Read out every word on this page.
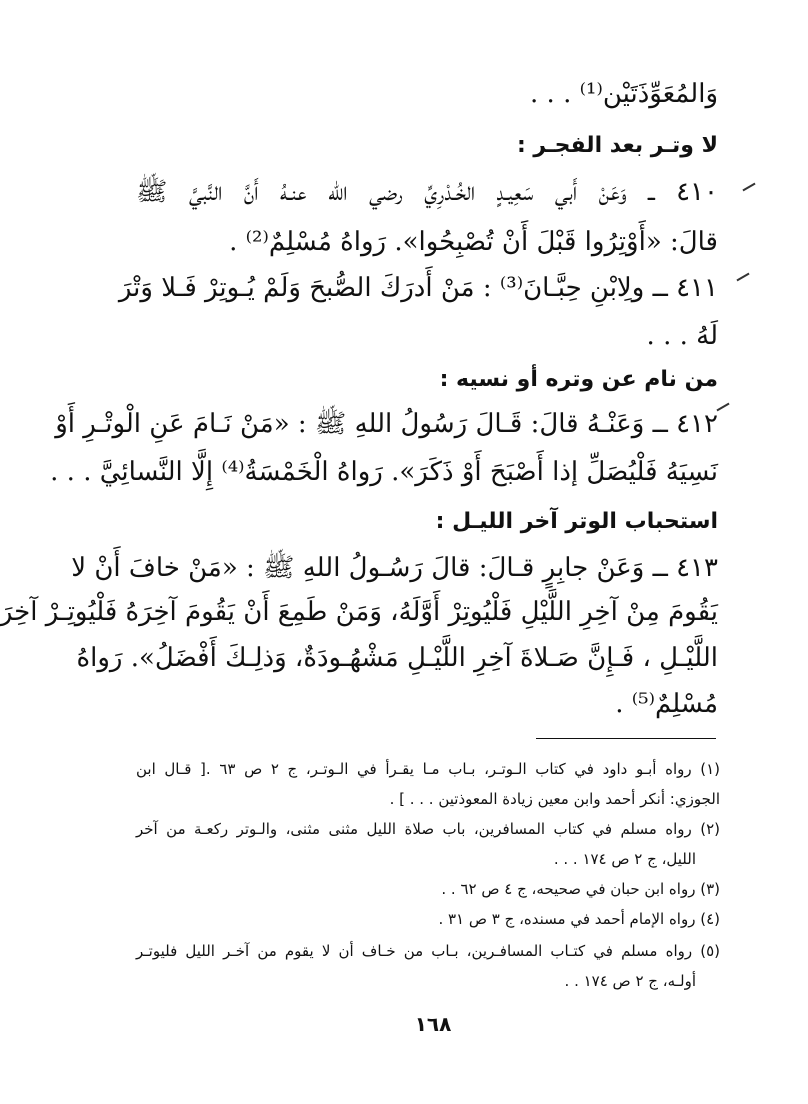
وَالمُعَوِّذَتَيْن⁽¹⁾ . . .
لا وتـر بعد الفجـر :
٤١٠ ــ وَعَنْ أَبي سَعِيـدٍ الخُـدْرِيِّ رضي الله عنـهُ أَنَّ النَّبيَّ ﷺ
قالَ: «أَوْتِرُوا قَبْلَ أَنْ تُصْبِحُوا». رَواهُ مُسْلِمٌ⁽²⁾ .
٤١١ ــ ولِابْنِ حِبَّـانَ⁽³⁾ : مَنْ أَدرَكَ الصُّبحَ وَلَمْ يُـوتِرْ فَـلا وَتْرَ
لَهُ . . .
من نام عن وتره أو نسيه :
٤١٢ ــ وَعَنْـهُ قالَ: قَـالَ رَسُولُ اللهِ ﷺ : «مَنْ نَـامَ عَنِ الْوتْـرِ أَوْ
نَسِيَهُ فَلْيُصَلِّ إذا أَصْبَحَ أَوْ ذَكَرَ». رَواهُ الْخَمْسَةُ⁽⁴⁾ إِلَّا النَّسائِيَّ . . .
استحباب الوتر آخر الليـل :
٤١٣ ــ وَعَنْ جابِرٍ قـالَ: قالَ رَسُـولُ اللهِ ﷺ : «مَنْ خافَ أَنْ لا
يَقُومَ مِنْ آخِرِ اللَّيْلِ فَلْيُوتِرْ أَوَّلَهُ، وَمَنْ طَمِعَ أَنْ يَقُومَ آخِرَهُ فَلْيُوتِـرْ آخِرَ
اللَّيْـلِ ، فَـإِنَّ صَـلاةَ آخِرِ اللَّيْـلِ مَشْهُـودَةٌ، وَذلِـكَ أَفْضَلُ». رَواهُ
مُسْلِمٌ⁽⁵⁾ .
(١) رواه أبـو داود في كتاب الـوتـر، بـاب مـا يقـرأ في الـوتـر، ج ٢ ص ٦٣ .[ قـال ابن
الجوزي: أنكر أحمد وابن معين زيادة المعوذتين . . . ] .
(٢) رواه مسلم في كتاب المسافرين، باب صلاة الليل مثنى مثنى، والـوتر ركعـة من آخر
الليل، ج ٢ ص ١٧٤ . . .
(٣) رواه ابن حبان في صحيحه، ج ٤ ص ٦٢ . .
(٤) رواه الإمام أحمد في مسنده، ج ٣ ص ٣١ .
(٥) رواه مسلم في كتـاب المسافـرين، بـاب من خـاف أن لا يقوم من آخـر الليل فليوتـر
أولـه، ج ٢ ص ١٧٤ . .
١٦٨
